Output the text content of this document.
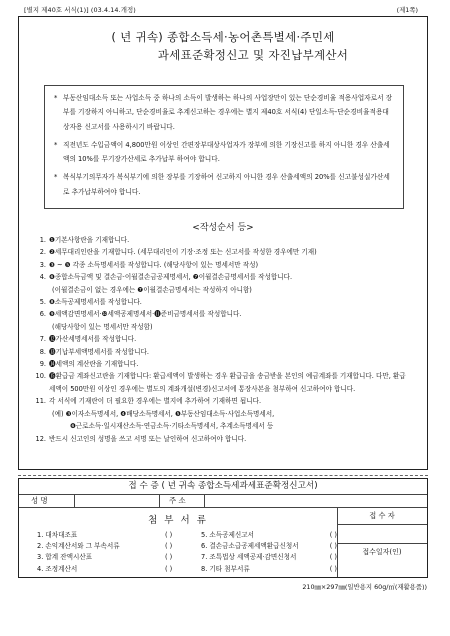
[별지 제40호 서식(1)] (03.4.14.개정)	(제1쪽)
( 년 귀속) 종합소득세·농어촌특별세·주민세
과세표준확정신고 및 자진납부계산서
* 부동산임대소득 또는 사업소득 중 하나의 소득이 발생하는 하나의 사업장만이 있는 단순경비율 적용사업자로서 장부를 기장하지 아니하고, 단순경비율로 추계신고하는 경우에는 별지 제40호 서식(4) 단일소득-단순경비율적용대상자용 신고서를 사용하시기 바랍니다.
* 직전년도 수입금액이 4,800만원 이상인 간편장부대상사업자가 장부에 의한 기장신고를 하지 아니한 경우 산출세액의 10%를 무기장가산세로 추가납부 하여야 합니다.
* 복식부기의무자가 복식부기에 의한 장부를 기장하여 신고하지 아니한 경우 산출세액의 20%를 신고불성실가산세로 추가납부하여야 합니다.
<작성순서 등>
1. ❶기본사항란을 기재합니다.
2. ❷세무대리인란을 기재합니다. (세무대리인이 기장·조정 또는 신고서를 작성한 경우에만 기재)
3. ❸ ~ ❺ 각종 소득명세서를 작성합니다. (해당사항이 있는 명세서만 작성)
4. ❻종합소득금액 및 결손금·이월결손금공제명세서, ❼이월결손금명세서를 작성합니다.
(이월결손금이 없는 경우에는 ❼이월결손금명세서는 작성하지 아니함)
5. ❽소득공제명세서를 작성합니다.
6. ❾세액감면명세서·❿세액공제명세서·⓫준비금명세서를 작성합니다.
(해당사항이 있는 명세서만 작성함)
7. ⓬가산세명세서를 작성합니다.
8. ⓭기납부세액명세서를 작성합니다.
9. ⓮세액의 계산란을 기재합니다.
10. ⓯환급금 계좌신고란을 기재합니다: 환급세액이 발생하는 경우 환급금을 송금받을 본인의 예금계좌를 기재합니다. 다만, 환급세액이 500만원 이상인 경우에는 별도의 계좌개설(변경)신고서에 통장사본을 첨부하여 신고하여야 합니다.
11. 각 서식에 기재란이 더 필요한 경우에는 별지에 추가하여 기재하면 됩니다.
(예) ❸이자소득명세서, ❹배당소득명세서, ❺부동산임대소득·사업소득명세서,
❻근로소득·일시재산소득·연금소득·기타소득명세서, 추계소득명세서 등
12. 반드시 신고인의 성명을 쓰고 서명 또는 날인하여 신고하여야 합니다.
접 수 증 ( 년 귀속 종합소득세과세표준확정신고서)
성 명	주 소
첨 부 서 류
1. 대차대조표	( )	5. 소득공제신고서	( )
2. 손익계산서와 그 부속서류	( )	6. 결손금소급공제세액환급신청서	( )
3. 합계 잔액시산표	( )	7. 조특법상 세액공제·감면신청서	( )
4. 조정계산서	( )	8. 기타 첨부서류	( )
접 수 자
접수일자(인)
210㎜×297㎜(일반용지 60g/㎡(재활용품))
